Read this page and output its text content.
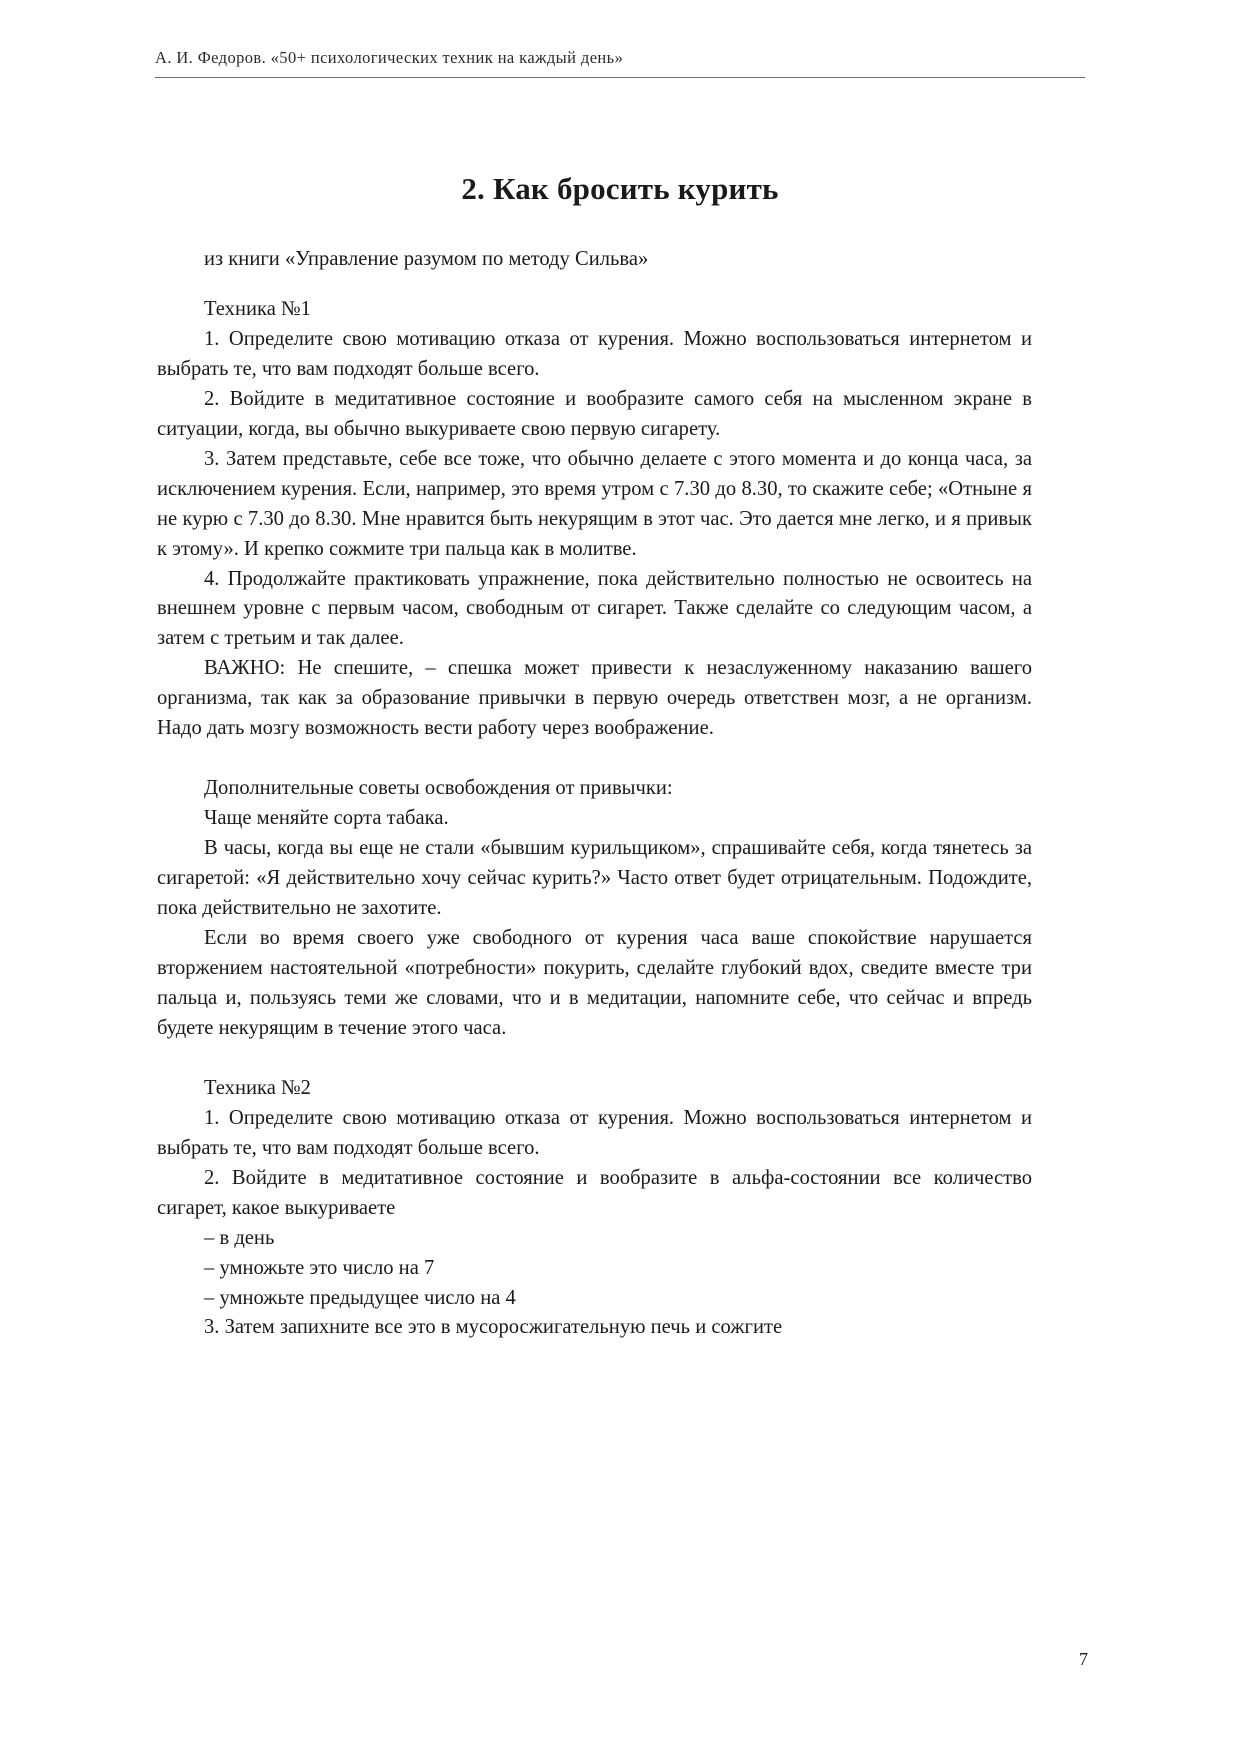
А. И. Федоров. «50+ психологических техник на каждый день»
2. Как бросить курить

из книги «Управление разумом по методу Сильва»

Техника №1

1. Определите свою мотивацию отказа от курения. Можно воспользоваться интернетом и выбрать те, что вам подходят больше всего.

2. Войдите в медитативное состояние и вообразите самого себя на мысленном экране в ситуации, когда, вы обычно выкуриваете свою первую сигарету.

3. Затем представьте, себе все тоже, что обычно делаете с этого момента и до конца часа, за исключением курения. Если, например, это время утром с 7.30 до 8.30, то скажите себе; «Отныне я не курю с 7.30 до 8.30. Мне нравится быть некурящим в этот час. Это дается мне легко, и я привык к этому». И крепко сожмите три пальца как в молитве.

4. Продолжайте практиковать упражнение, пока действительно полностью не освоитесь на внешнем уровне с первым часом, свободным от сигарет. Также сделайте со следующим часом, а затем с третьим и так далее.

ВАЖНО: Не спешите, – спешка может привести к незаслуженному наказанию вашего организма, так как за образование привычки в первую очередь ответствен мозг, а не организм. Надо дать мозгу возможность вести работу через воображение.

Дополнительные советы освобождения от привычки:

Чаще меняйте сорта табака.

В часы, когда вы еще не стали «бывшим курильщиком», спрашивайте себя, когда тянетесь за сигаретой: «Я действительно хочу сейчас курить?» Часто ответ будет отрицательным. Подождите, пока действительно не захотите.

Если во время своего уже свободного от курения часа ваше спокойствие нарушается вторжением настоятельной «потребности» покурить, сделайте глубокий вдох, сведите вместе три пальца и, пользуясь теми же словами, что и в медитации, напомните себе, что сейчас и впредь будете некурящим в течение этого часа.

Техника №2

1. Определите свою мотивацию отказа от курения. Можно воспользоваться интернетом и выбрать те, что вам подходят больше всего.

2. Войдите в медитативное состояние и вообразите в альфа-состоянии все количество сигарет, какое выкуриваете

– в день

– умножьте это число на 7

– умножьте предыдущее число на 4

3. Затем запихните все это в мусоросжигательную печь и сожгите

7
